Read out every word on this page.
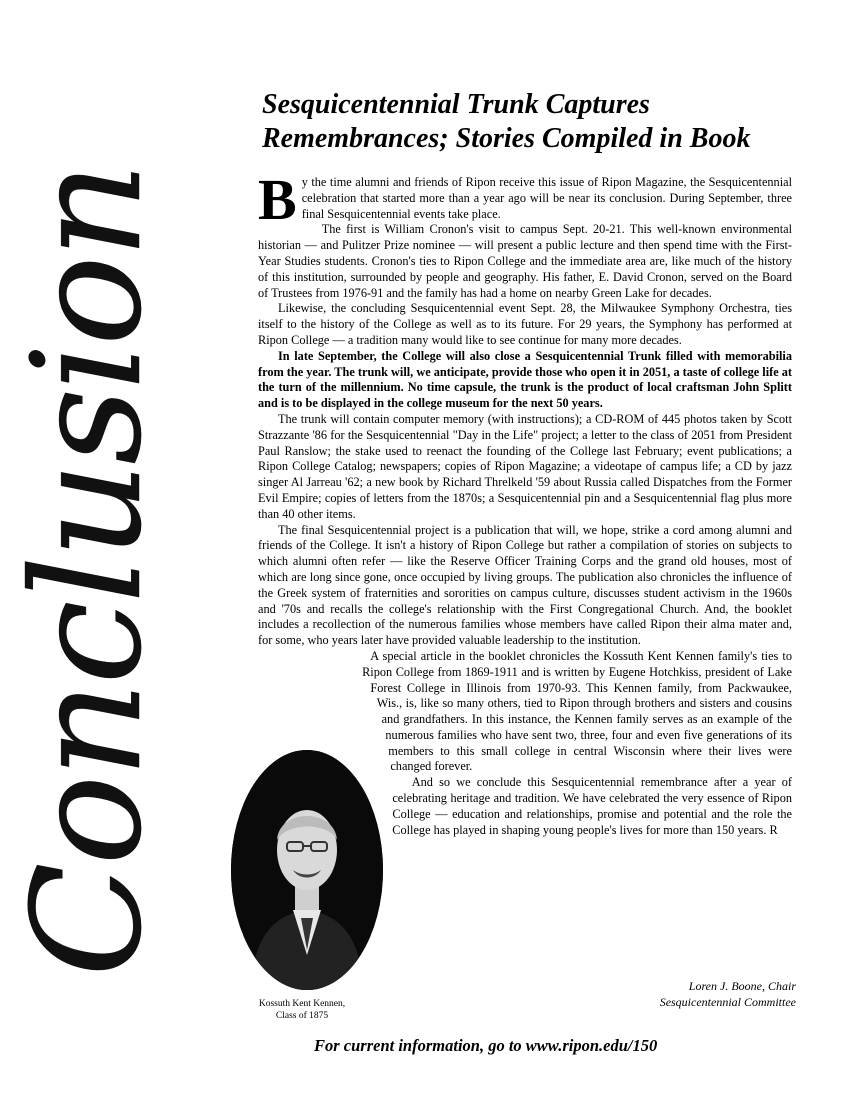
Conclusion
Sesquicentennial Trunk Captures
Remembrances; Stories Compiled in Book

By the time alumni and friends of Ripon receive this issue of Ripon Magazine, the Sesquicentennial celebration that started more than a year ago will be near its conclusion. During September, three final Sesquicentennial events take place.

The first is William Cronon's visit to campus Sept. 20-21. This well-known environmental historian — and Pulitzer Prize nominee — will present a public lecture and then spend time with the First-Year Studies students. Cronon's ties to Ripon College and the immediate area are, like much of the history of this institution, surrounded by people and geography. His father, E. David Cronon, served on the Board of Trustees from 1976-91 and the family has had a home on nearby Green Lake for decades.

Likewise, the concluding Sesquicentennial event Sept. 28, the Milwaukee Symphony Orchestra, ties itself to the history of the College as well as to its future. For 29 years, the Symphony has performed at Ripon College — a tradition many would like to see continue for many more decades.

In late September, the College will also close a Sesquicentennial Trunk filled with memorabilia from the year. The trunk will, we anticipate, provide those who open it in 2051, a taste of college life at the turn of the millennium. No time capsule, the trunk is the product of local craftsman John Splitt and is to be displayed in the college museum for the next 50 years.

The trunk will contain computer memory (with instructions); a CD-ROM of 445 photos taken by Scott Strazzante '86 for the Sesquicentennial "Day in the Life" project; a letter to the class of 2051 from President Paul Ranslow; the stake used to reenact the founding of the College last February; event publications; a Ripon College Catalog; newspapers; copies of Ripon Magazine; a videotape of campus life; a CD by jazz singer Al Jarreau '62; a new book by Richard Threlkeld '59 about Russia called Dispatches from the Former Evil Empire; copies of letters from the 1870s; a Sesquicentennial pin and a Sesquicentennial flag plus more than 40 other items.

The final Sesquicentennial project is a publication that will, we hope, strike a cord among alumni and friends of the College. It isn't a history of Ripon College but rather a compilation of stories on subjects to which alumni often refer — like the Reserve Officer Training Corps and the grand old houses, most of which are long since gone, once occupied by living groups. The publication also chronicles the influence of the Greek system of fraternities and sororities on campus culture, discusses student activism in the 1960s and '70s and recalls the college's relationship with the First Congregational Church. And, the booklet includes a recollection of the numerous families whose members have called Ripon their alma mater and, for some, who years later have provided valuable leadership to the institution.

A special article in the booklet chronicles the Kossuth Kent Kennen family's ties to Ripon College from 1869-1911 and is written by Eugene Hotchkiss, president of Lake Forest College in Illinois from 1970-93. This Kennen family, from Packwaukee, Wis., is, like so many others, tied to Ripon through brothers and sisters and cousins and grandfathers. In this instance, the Kennen family serves as an example of the numerous families who have sent two, three, four and even five generations of its members to this small college in central Wisconsin where their lives were changed forever.

And so we conclude this Sesquicentennial remembrance after a year of celebrating heritage and tradition. We have celebrated the very essence of Ripon College — education and relationships, promise and potential and the role the College has played in shaping young people's lives for more than 150 years. R

Kossuth Kent Kennen,
Class of 1875
Loren J. Boone, Chair
Sesquicentennial Committee
For current information, go to www.ripon.edu/150
